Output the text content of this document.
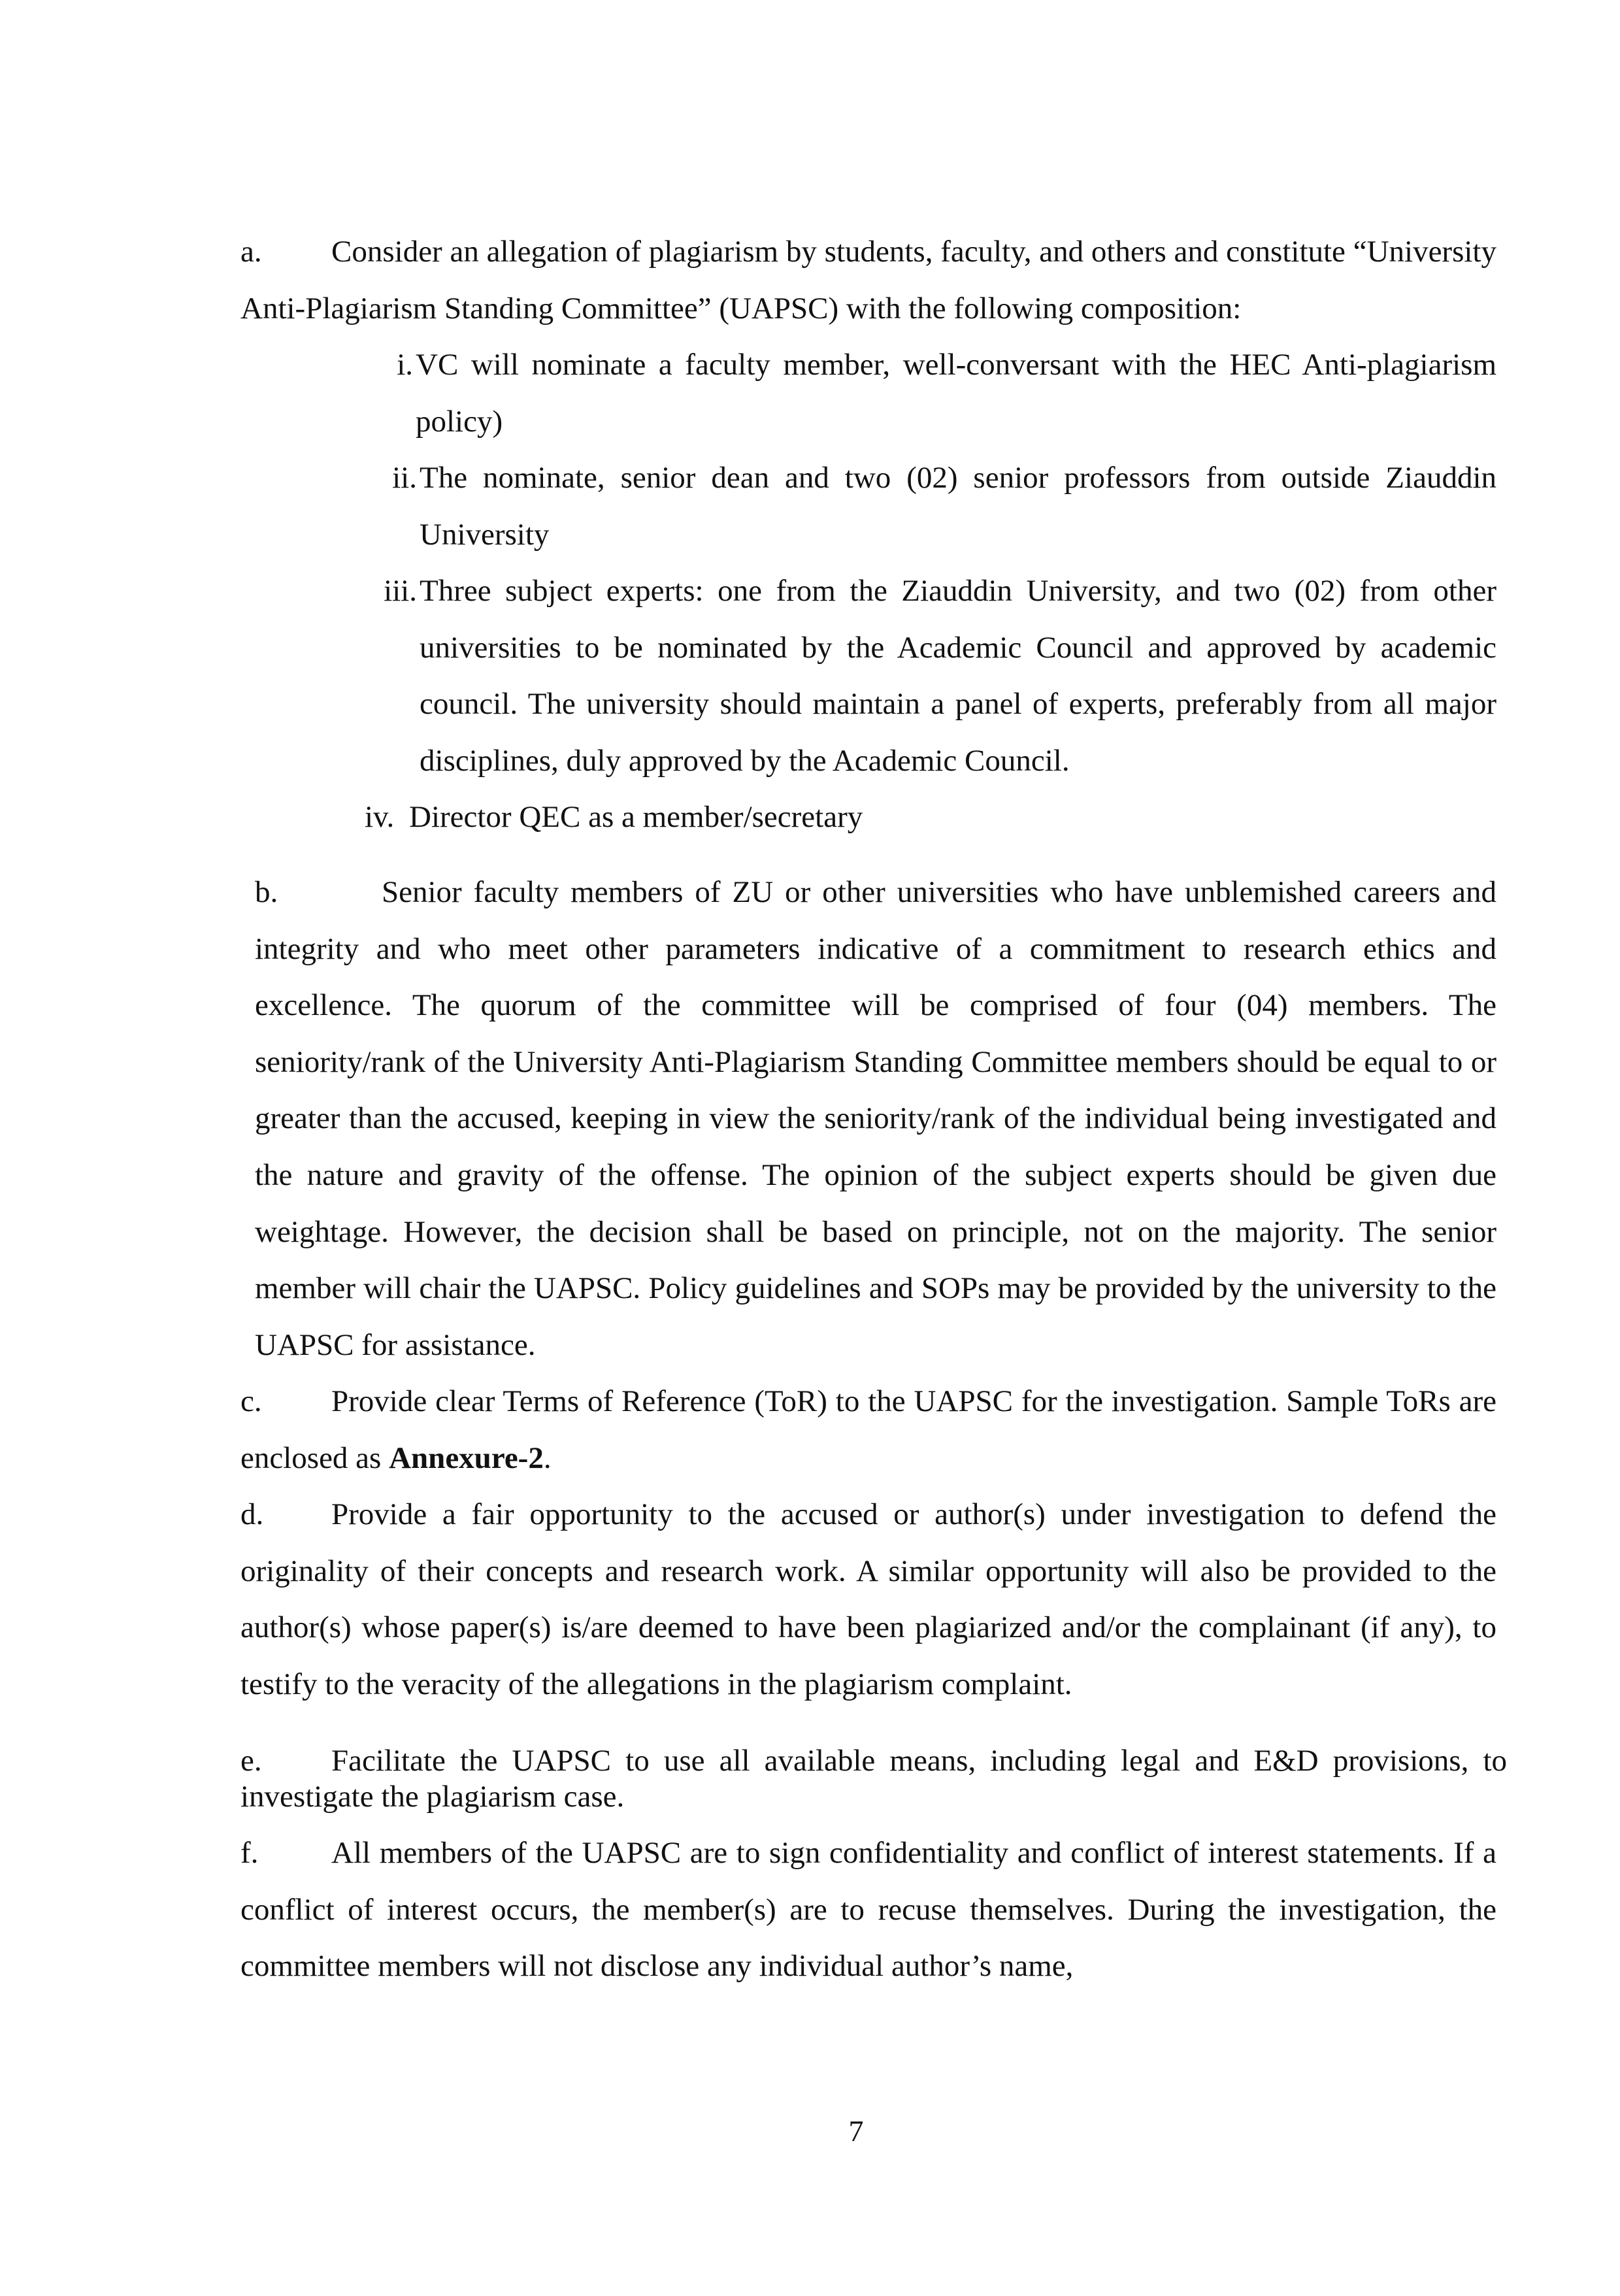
a. Consider an allegation of plagiarism by students, faculty, and others and constitute “University Anti-Plagiarism Standing Committee” (UAPSC) with the following composition:

i. VC will nominate a faculty member, well-conversant with the HEC Anti-plagiarism policy)
ii. The nominate, senior dean and two (02) senior professors from outside Ziauddin University
iii. Three subject experts: one from the Ziauddin University, and two (02) from other universities to be nominated by the Academic Council and approved by academic council. The university should maintain a panel of experts, preferably from all major disciplines, duly approved by the Academic Council.
iv. Director QEC as a member/secretary

b.	Senior faculty members of ZU or other universities who have unblemished careers and integrity and who meet other parameters indicative of a commitment to research ethics and excellence. The quorum of the committee will be comprised of four (04) members. The seniority/rank of the University Anti-Plagiarism Standing Committee members should be equal to or greater than the accused, keeping in view the seniority/rank of the individual being investigated and the nature and gravity of the offense. The opinion of the subject experts should be given due weightage. However, the decision shall be based on principle, not on the majority. The senior member will chair the UAPSC. Policy guidelines and SOPs may be provided by the university to the UAPSC for assistance.

c. Provide clear Terms of Reference (ToR) to the UAPSC for the investigation. Sample ToRs are enclosed as Annexure-2.

d. Provide a fair opportunity to the accused or author(s) under investigation to defend the originality of their concepts and research work. A similar opportunity will also be provided to the author(s) whose paper(s) is/are deemed to have been plagiarized and/or the complainant (if any), to testify to the veracity of the allegations in the plagiarism complaint.

e. Facilitate the UAPSC to use all available means, including legal and E&D provisions, to investigate the plagiarism case.

f. All members of the UAPSC are to sign confidentiality and conflict of interest statements. If a conflict of interest occurs, the member(s) are to recuse themselves. During the investigation, the committee members will not disclose any individual author’s name,

7
